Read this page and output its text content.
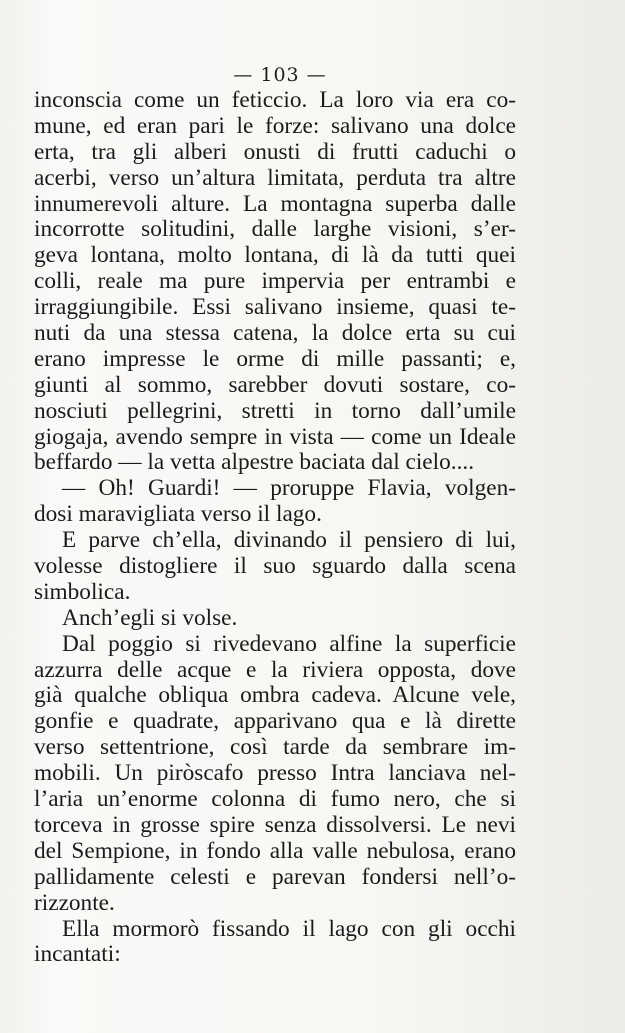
— 103 —
inconscia come un feticcio. La loro via era co-
mune, ed eran pari le forze: salivano una dolce
erta, tra gli alberi onusti di frutti caduchi o
acerbi, verso un’altura limitata, perduta tra altre
innumerevoli alture. La montagna superba dalle
incorrotte solitudini, dalle larghe visioni, s’er-
geva lontana, molto lontana, di là da tutti quei
colli, reale ma pure impervia per entrambi e
irraggiungibile. Essi salivano insieme, quasi te-
nuti da una stessa catena, la dolce erta su cui
erano impresse le orme di mille passanti; e,
giunti al sommo, sarebber dovuti sostare, co-
nosciuti pellegrini, stretti in torno dall’umile
giogaja, avendo sempre in vista — come un Ideale
beffardo — la vetta alpestre baciata dal cielo....
— Oh! Guardi! — proruppe Flavia, volgen-
dosi maravigliata verso il lago.
E parve ch’ella, divinando il pensiero di lui,
volesse distogliere il suo sguardo dalla scena
simbolica.
Anch’egli si volse.
Dal poggio si rivedevano alfine la superficie
azzurra delle acque e la riviera opposta, dove
già qualche obliqua ombra cadeva. Alcune vele,
gonfie e quadrate, apparivano qua e là dirette
verso settentrione, così tarde da sembrare im-
mobili. Un piròscafo presso Intra lanciava nel-
l’aria un’enorme colonna di fumo nero, che si
torceva in grosse spire senza dissolversi. Le nevi
del Sempione, in fondo alla valle nebulosa, erano
pallidamente celesti e parevan fondersi nell’o-
rizzonte.
Ella mormorò fissando il lago con gli occhi
incantati:
